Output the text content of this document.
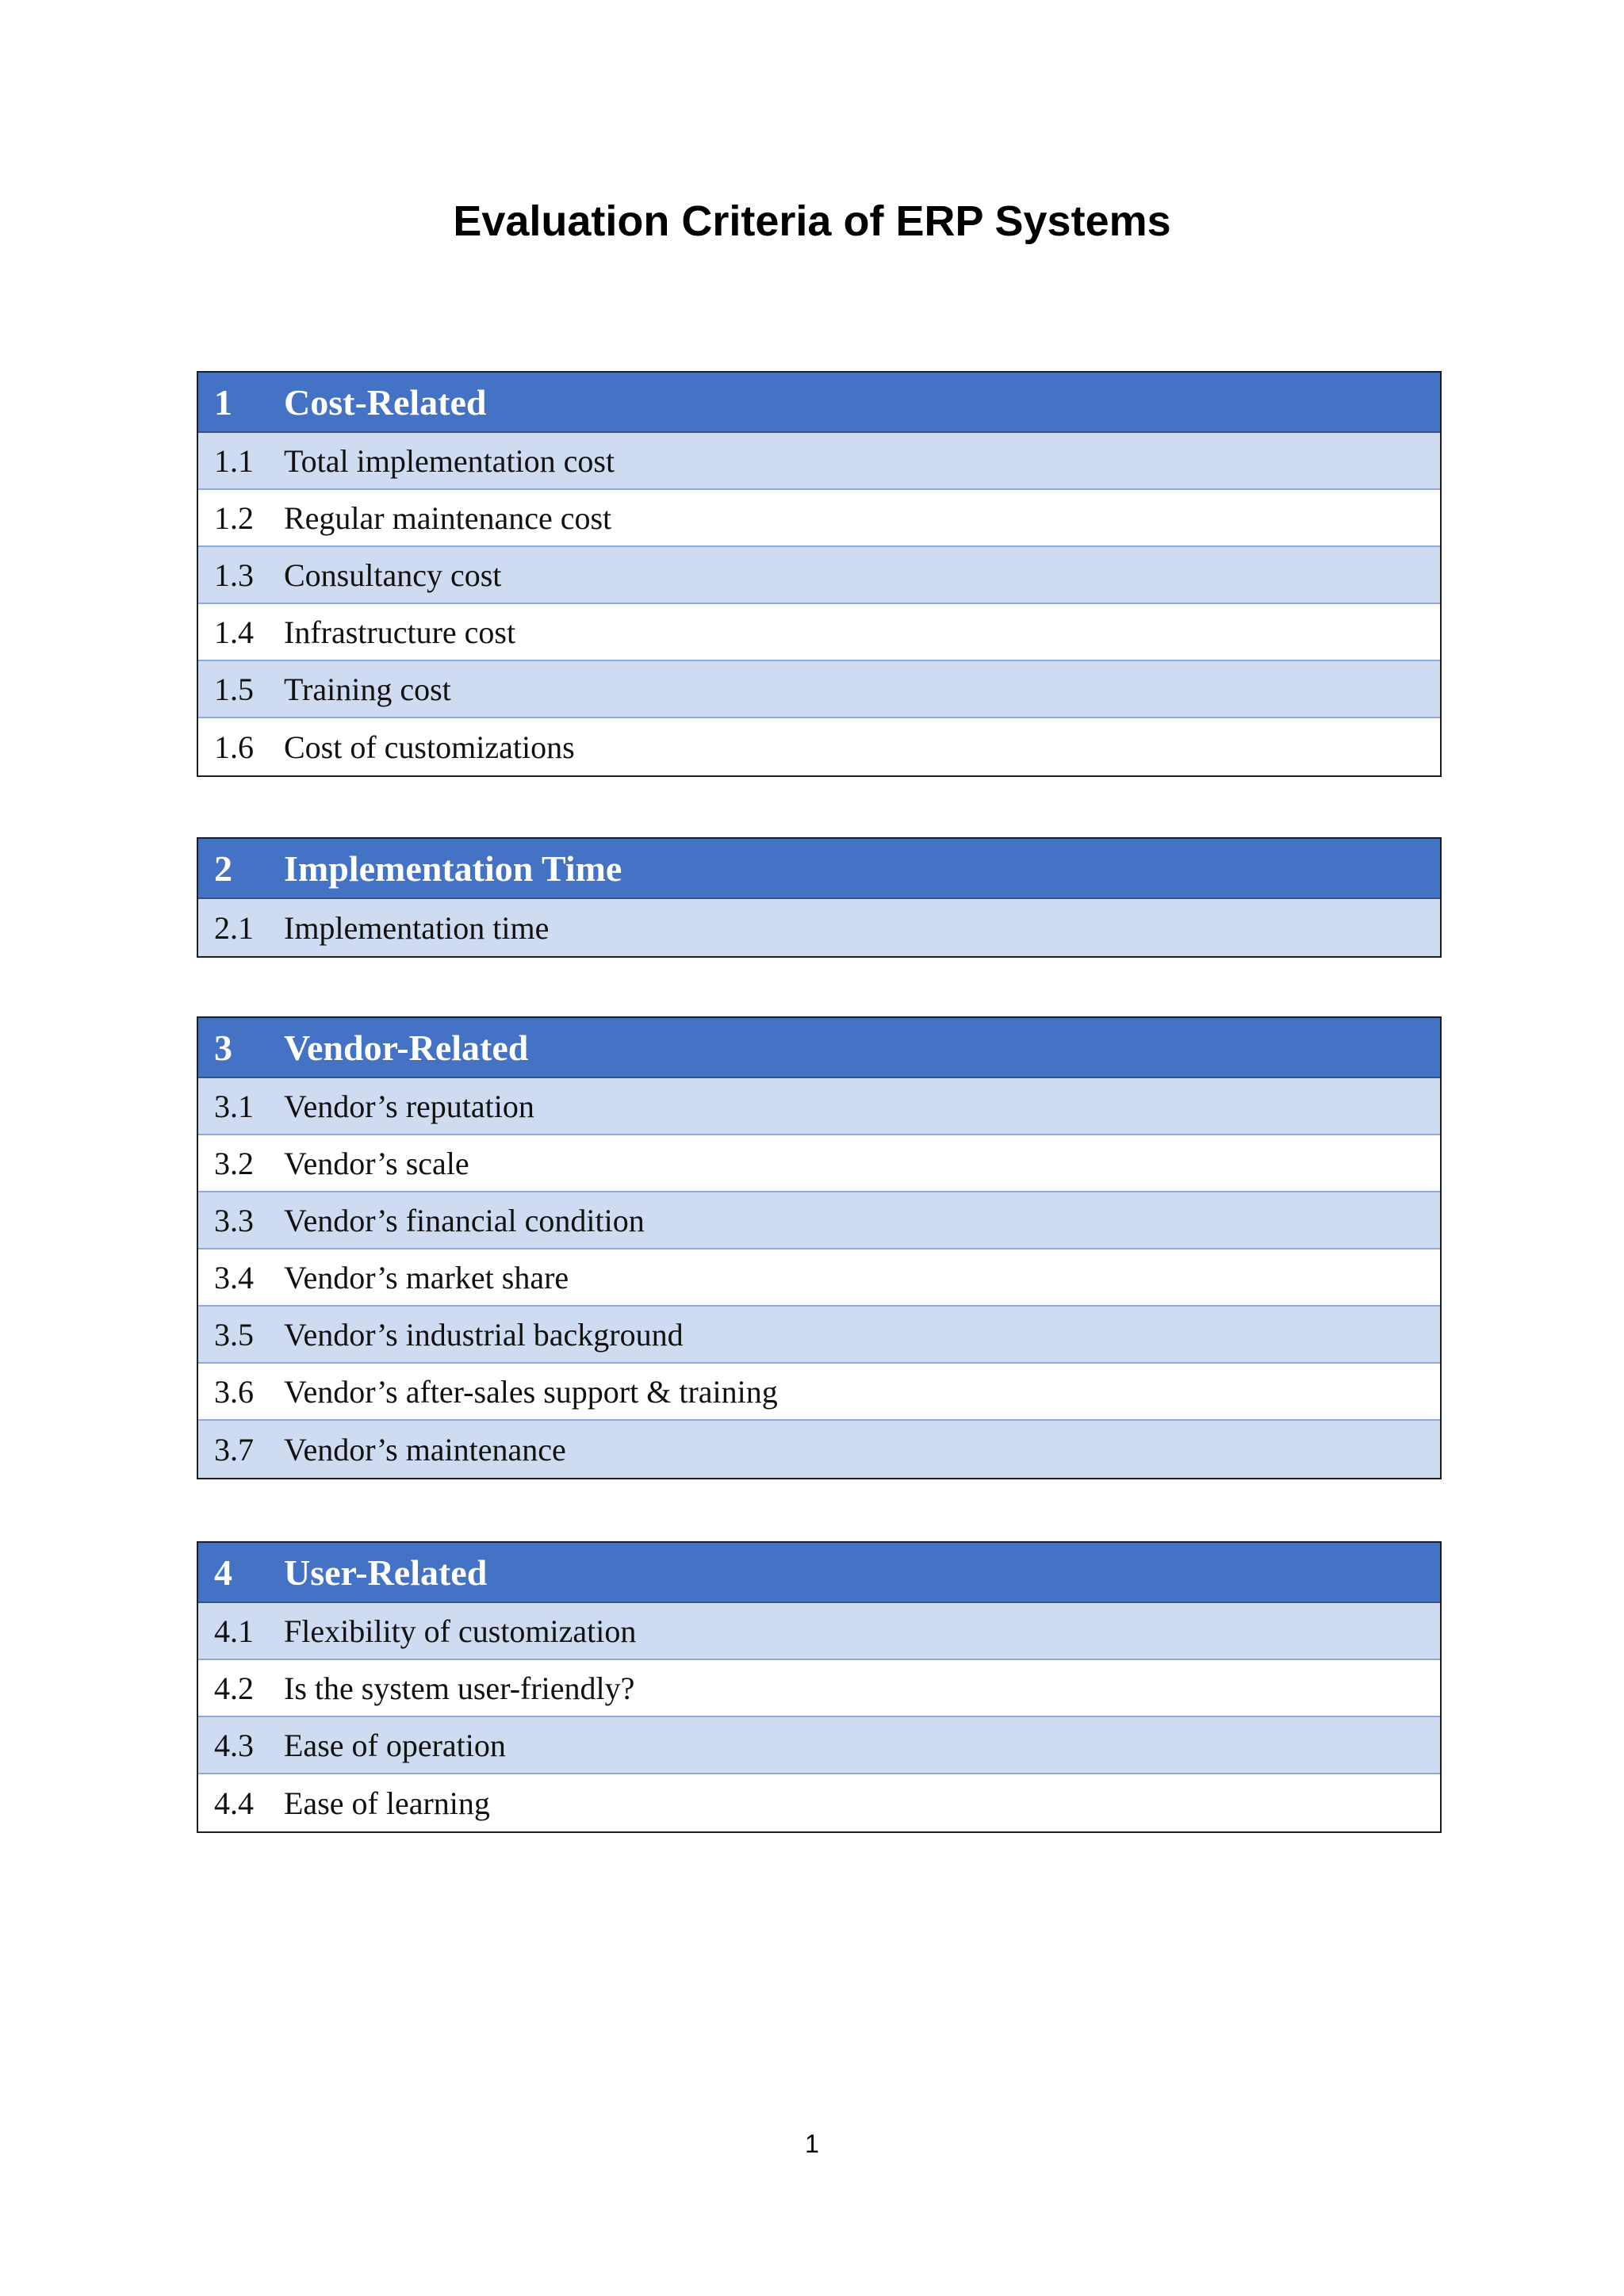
Evaluation Criteria of ERP Systems
1	Cost-Related
1.1 Total implementation cost
1.2 Regular maintenance cost
1.3 Consultancy cost
1.4 Infrastructure cost
1.5 Training cost
1.6 Cost of customizations
2	Implementation Time
2.1 Implementation time
3	Vendor-Related
3.1 Vendor’s reputation
3.2 Vendor’s scale
3.3 Vendor’s financial condition
3.4 Vendor’s market share
3.5 Vendor’s industrial background
3.6 Vendor’s after-sales support & training
3.7 Vendor’s maintenance
4	User-Related
4.1 Flexibility of customization
4.2 Is the system user-friendly?
4.3 Ease of operation
4.4 Ease of learning
1
